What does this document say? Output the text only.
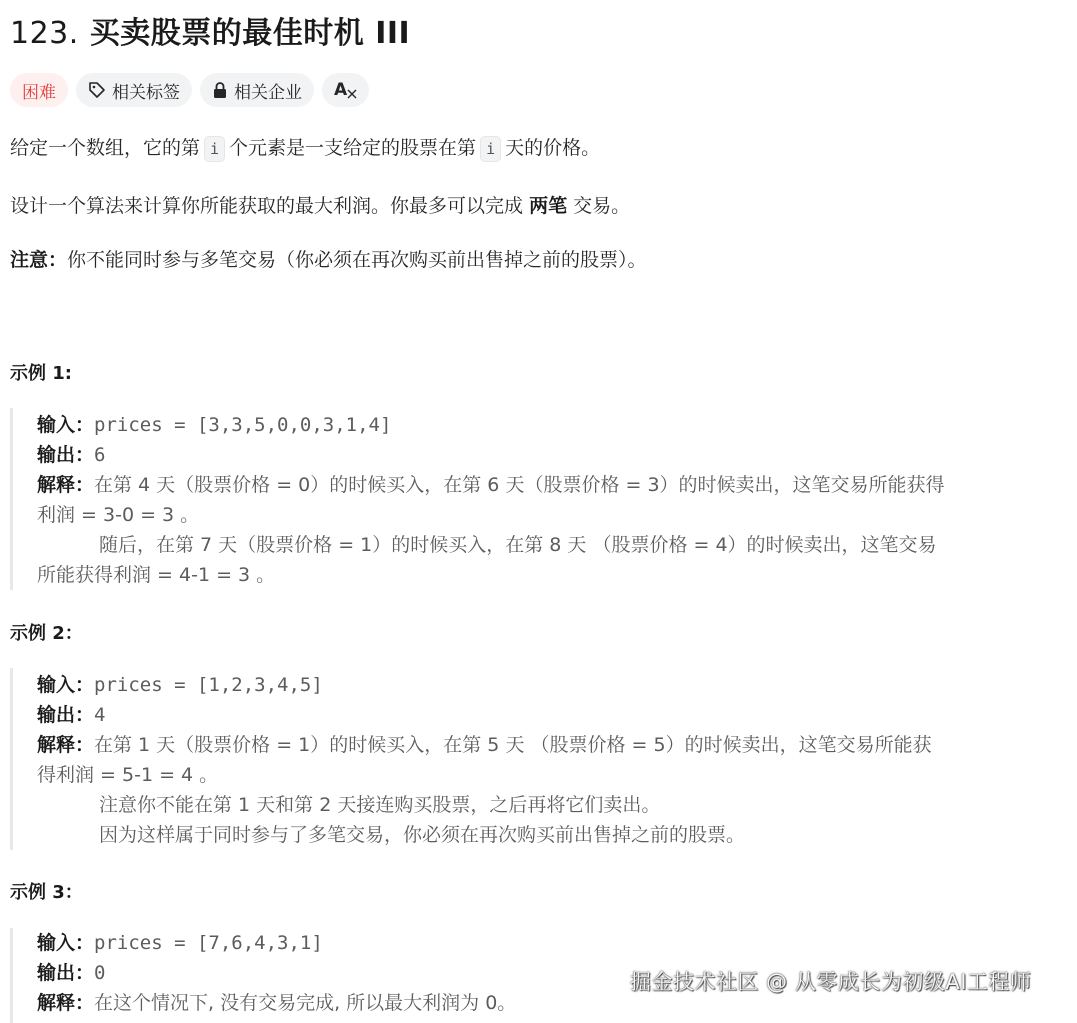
123. 买卖股票的最佳时机 III
困难	相关标签	相关企业 A

给定一个数组，它的第 i 个元素是一支给定的股票在第 i 天的价格。

设计一个算法来计算你所能获取的最大利润。你最多可以完成 两笔 交易。

注意：你不能同时参与多笔交易（你必须在再次购买前出售掉之前的股票）。

示例 1:

输入：prices = [3,3,5,0,0,3,1,4]
输出：6
解释：在第 4 天（股票价格 = 0）的时候买入，在第 6 天（股票价格 = 3）的时候卖出，这笔交易所能获得
利润 = 3-0 = 3 。
随后，在第 7 天（股票价格 = 1）的时候买入，在第 8 天 （股票价格 = 4）的时候卖出，这笔交易
所能获得利润 = 4-1 = 3 。

示例 2：

输入：prices = [1,2,3,4,5]
输出：4
解释：在第 1 天（股票价格 = 1）的时候买入，在第 5 天 （股票价格 = 5）的时候卖出，这笔交易所能获
得利润 = 5-1 = 4 。
注意你不能在第 1 天和第 2 天接连购买股票，之后再将它们卖出。
因为这样属于同时参与了多笔交易，你必须在再次购买前出售掉之前的股票。

示例 3：

输入：prices = [7,6,4,3,1]
输出：0
解释：在这个情况下, 没有交易完成, 所以最大利润为 0。
掘金技术社区 @ 从零成长为初级AI工程师
